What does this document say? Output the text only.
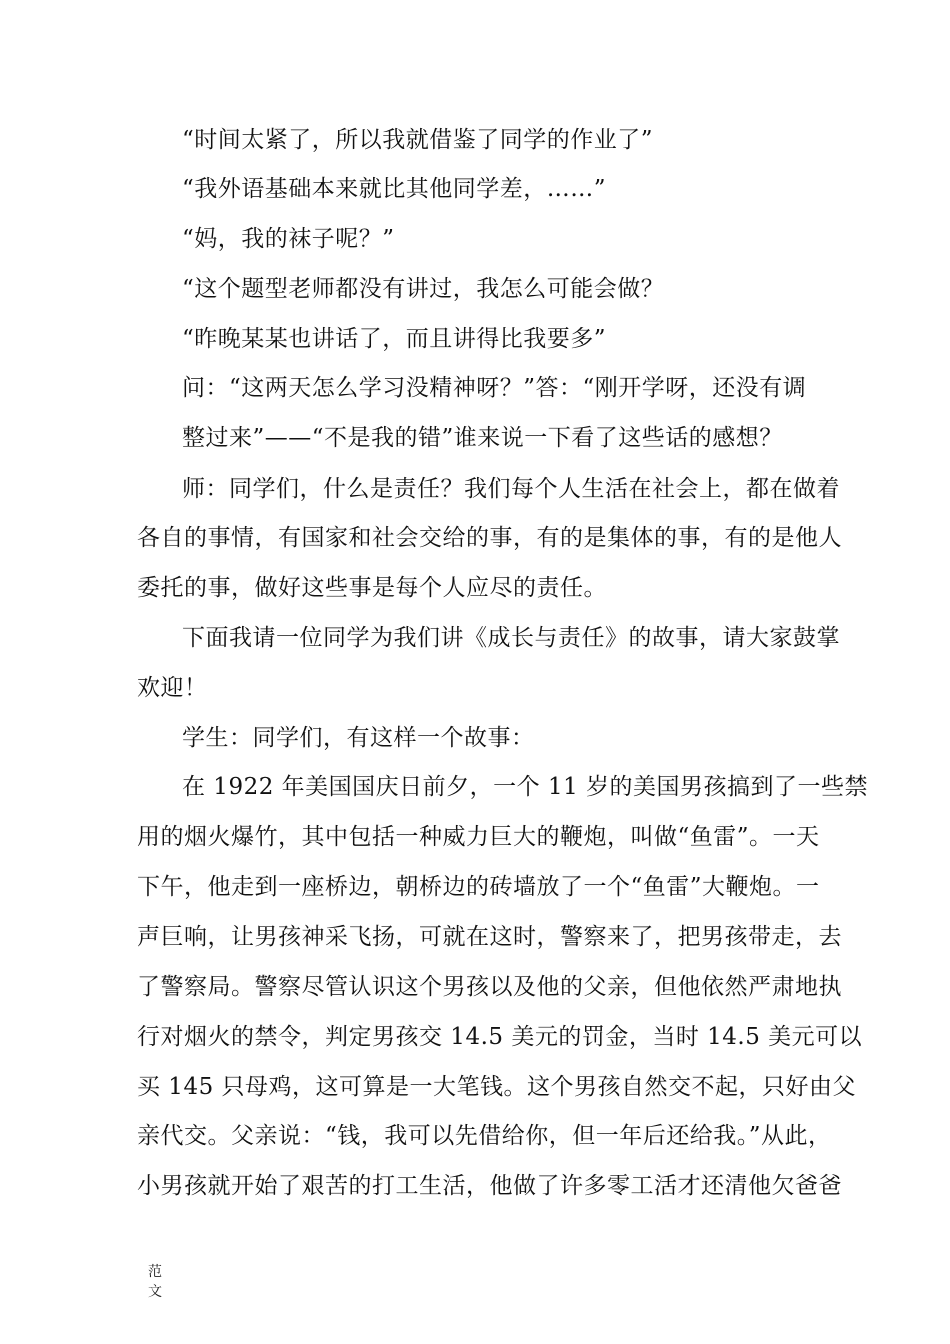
“时间太紧了，所以我就借鉴了同学的作业了”
“我外语基础本来就比其他同学差，……”
“妈，我的袜子呢？”
“这个题型老师都没有讲过，我怎么可能会做？
“昨晚某某也讲话了，而且讲得比我要多”
问：“这两天怎么学习没精神呀？”答：“刚开学呀，还没有调
整过来”——“不是我的错”谁来说一下看了这些话的感想？
师：同学们，什么是责任？我们每个人生活在社会上，都在做着
各自的事情，有国家和社会交给的事，有的是集体的事，有的是他人
委托的事，做好这些事是每个人应尽的责任。
下面我请一位同学为我们讲《成长与责任》的故事，请大家鼓掌
欢迎！
学生：同学们，有这样一个故事：
在 1922 年美国国庆日前夕，一个 11 岁的美国男孩搞到了一些禁
用的烟火爆竹，其中包括一种威力巨大的鞭炮，叫做“鱼雷”。一天
下午，他走到一座桥边，朝桥边的砖墙放了一个“鱼雷”大鞭炮。一
声巨响，让男孩神采飞扬，可就在这时，警察来了，把男孩带走，去
了警察局。警察尽管认识这个男孩以及他的父亲，但他依然严肃地执
行对烟火的禁令，判定男孩交 14.5 美元的罚金，当时 14.5 美元可以
买 145 只母鸡，这可算是一大笔钱。这个男孩自然交不起，只好由父
亲代交。父亲说：“钱，我可以先借给你，但一年后还给我。”从此，
小男孩就开始了艰苦的打工生活，他做了许多零工活才还清他欠爸爸
范文
